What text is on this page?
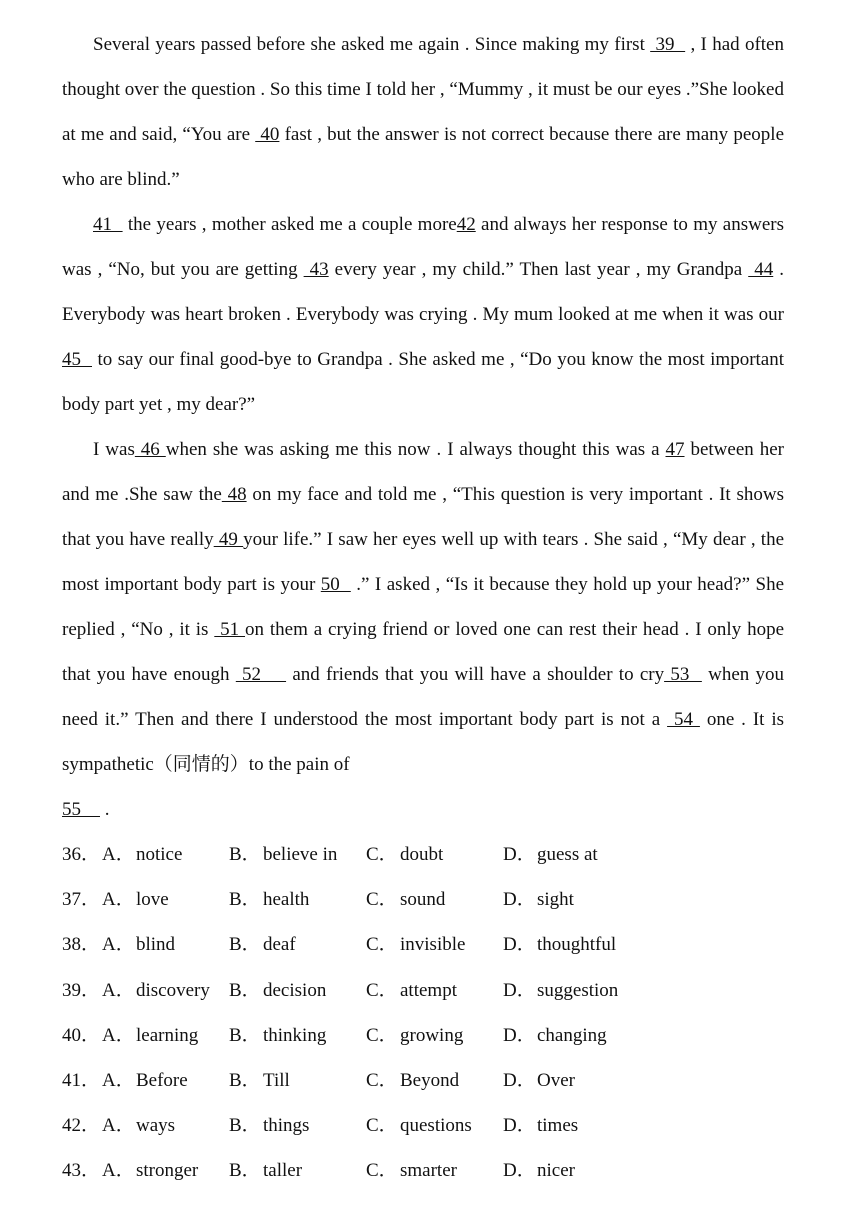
Several years passed before she asked me again . Since making my first  39   , I had often thought over the question . So this time I told her , “Mummy , it must be our eyes .”She looked at me and said, “You are  40 fast , but the answer is not correct because there are many people who are blind.”

41   the years , mother asked me a couple more42 and always her response to my answers was , “No, but you are getting  43 every year , my child.” Then last year , my Grandpa  44 . Everybody was heart broken . Everybody was crying . My mum looked at me when it was our 45   to say our final good-bye to Grandpa . She asked me , “Do you know the most important body part yet , my dear?”

I was 46 when she was asking me this now . I always thought this was a 47 between her and me .She saw the 48 on my face and told me , “This question is very important . It shows that you have really 49 your life.” I saw her eyes well up with tears . She said , “My dear , the most important body part is your 50   .” I asked , “Is it because they hold up your head?” She replied , “No , it is  51 on them a crying friend or loved one can rest their head . I only hope that you have enough  52     and friends that you will have a shoulder to cry 53   when you need it.” Then and there I understood the most important body part is not a  54  one . It is sympathetic（同情的）to the pain of
55     .

36． A． notice B． believe in C． doubt	D． guess at
37． A． love	B． health	C． sound	D． sight
38． A． blind	B． deaf	C． invisible D． thoughtful
39． A． discovery B． decision C． attempt D． suggestion
40． A． learning B． thinking C． growing D． changing
41． A． Before B． Till	C． Beyond D． Over
42． A． ways	B． things	C． questions D． times
43． A． stronger B． taller	C． smarter D． nicer
